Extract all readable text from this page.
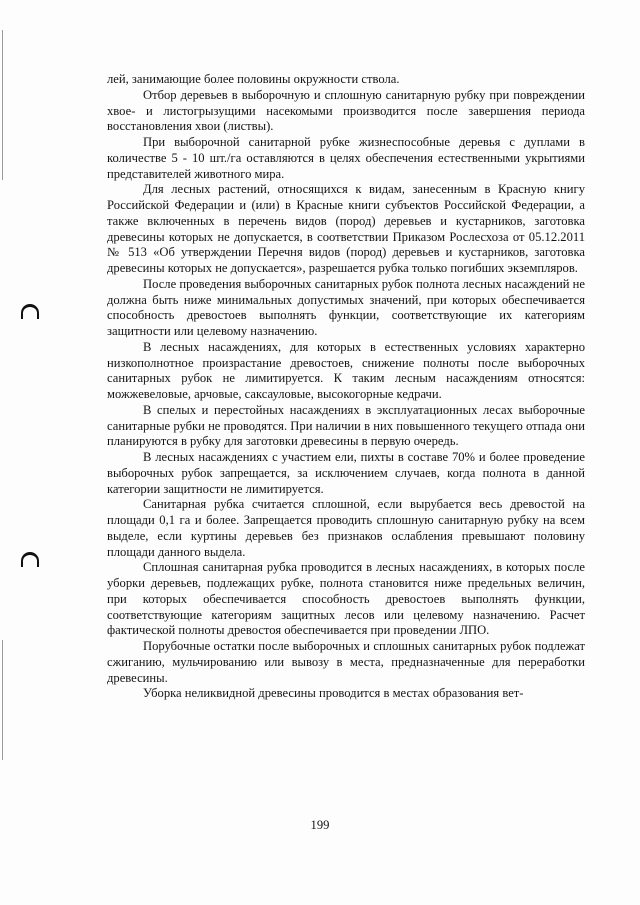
лей, занимающие более половины окружности ствола.

Отбор деревьев в выборочную и сплошную санитарную рубку при повреждении хвое- и листогрызущими насекомыми производится после завершения периода восстановления хвои (листвы).

При выборочной санитарной рубке жизнеспособные деревья с дуплами в количестве 5 - 10 шт./га оставляются в целях обеспечения естественными укрытиями представителей животного мира.

Для лесных растений, относящихся к видам, занесенным в Красную книгу Российской Федерации и (или) в Красные книги субъектов Российской Федерации, а также включенных в перечень видов (пород) деревьев и кустарников, заготовка древесины которых не допускается, в соответствии Приказом Рослесхоза от 05.12.2011 № 513 «Об утверждении Перечня видов (пород) деревьев и кустарников, заготовка древесины которых не допускается», разрешается рубка только погибших экземпляров.

После проведения выборочных санитарных рубок полнота лесных насаждений не должна быть ниже минимальных допустимых значений, при которых обеспечивается способность древостоев выполнять функции, соответствующие их категориям защитности или целевому назначению.

В лесных насаждениях, для которых в естественных условиях характерно низкополнотное произрастание древостоев, снижение полноты после выборочных санитарных рубок не лимитируется. К таким лесным насаждениям относятся: можжевеловые, арчовые, саксауловые, высокогорные кедрачи.

В спелых и перестойных насаждениях в эксплуатационных лесах выборочные санитарные рубки не проводятся. При наличии в них повышенного текущего отпада они планируются в рубку для заготовки древесины в первую очередь.

В лесных насаждениях с участием ели, пихты в составе 70% и более проведение выборочных рубок запрещается, за исключением случаев, когда полнота в данной категории защитности не лимитируется.

Санитарная рубка считается сплошной, если вырубается весь древостой на площади 0,1 га и более. Запрещается проводить сплошную санитарную рубку на всем выделе, если куртины деревьев без признаков ослабления превышают половину площади данного выдела.

Сплошная санитарная рубка проводится в лесных насаждениях, в которых после уборки деревьев, подлежащих рубке, полнота становится ниже предельных величин, при которых обеспечивается способность древостоев выполнять функции, соответствующие категориям защитных лесов или целевому назначению. Расчет фактической полноты древостоя обеспечивается при проведении ЛПО.

Порубочные остатки после выборочных и сплошных санитарных рубок подлежат сжиганию, мульчированию или вывозу в места, предназначенные для переработки древесины.

Уборка неликвидной древесины проводится в местах образования вет-

199
